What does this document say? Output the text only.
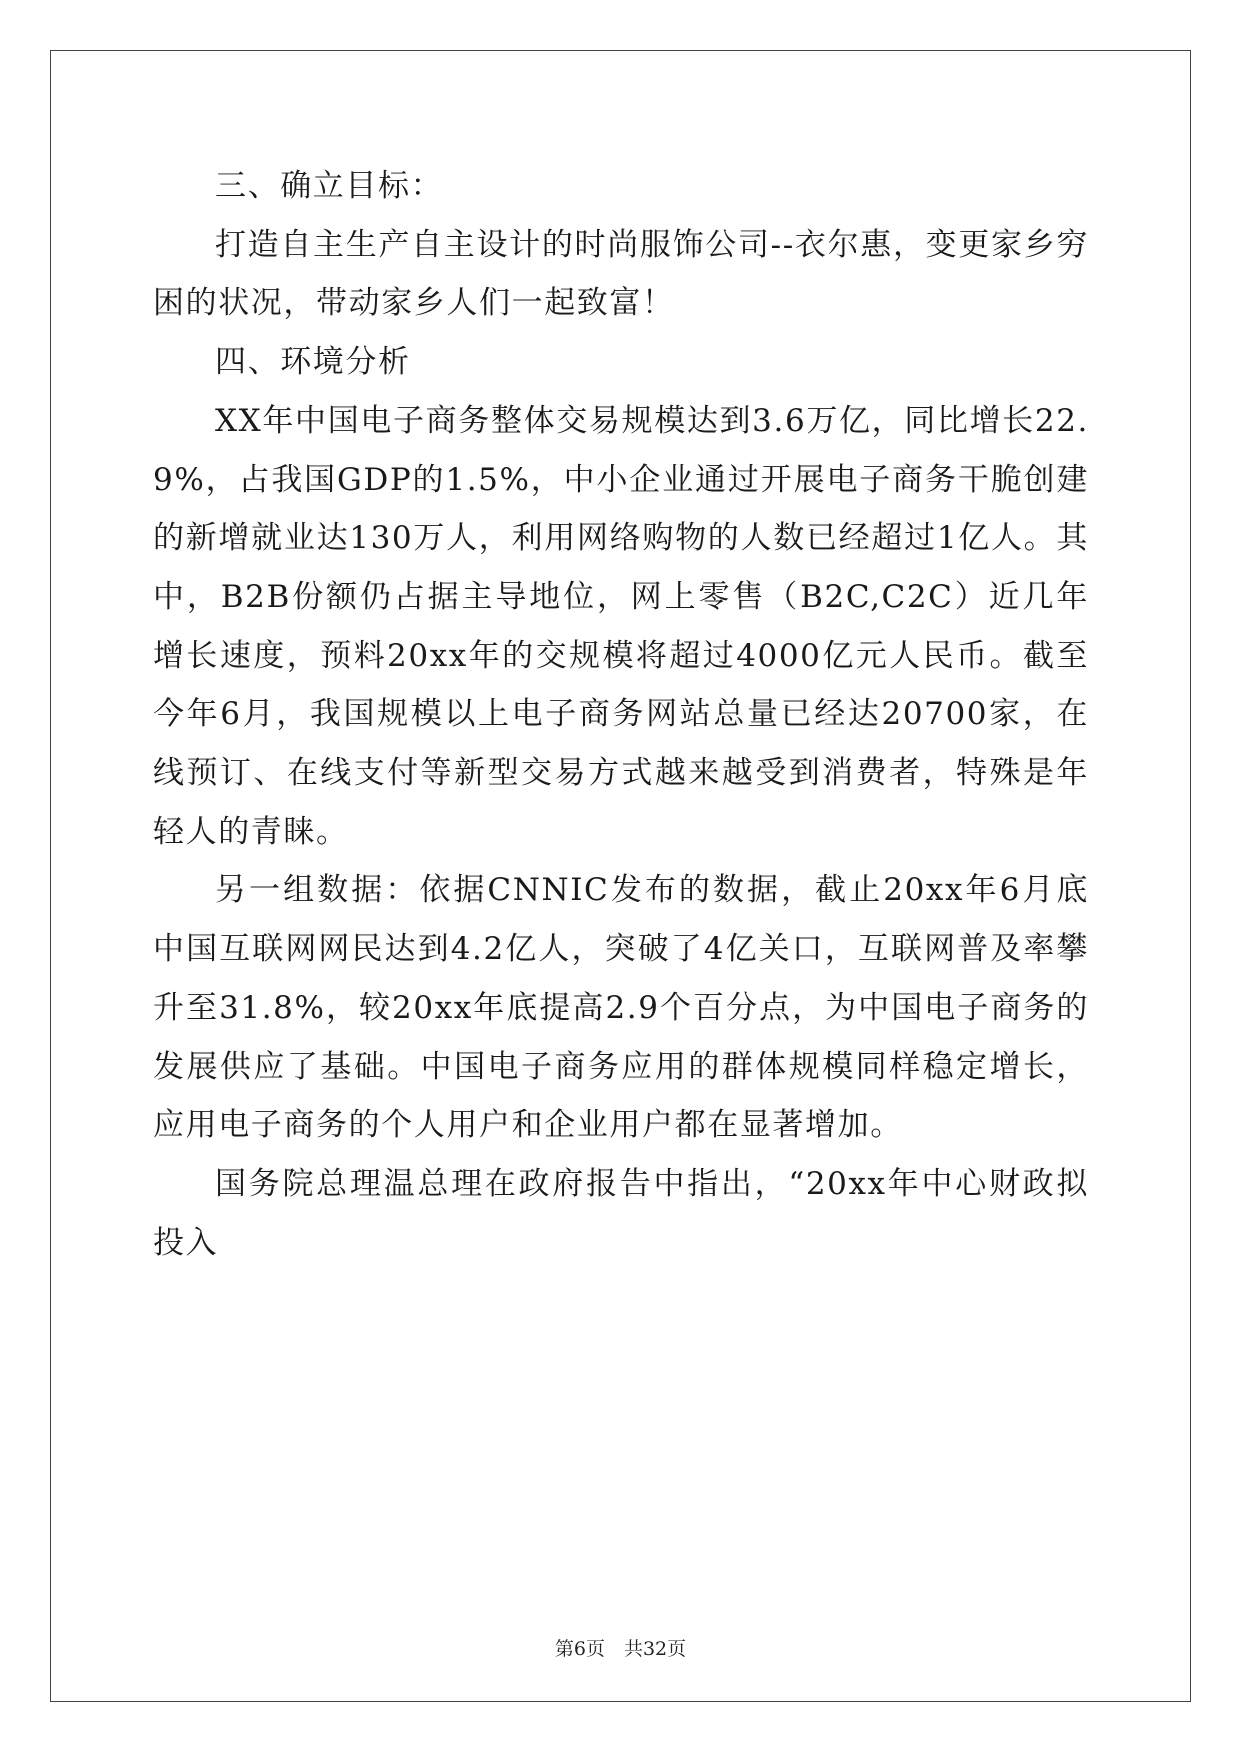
三、确立目标：

打造自主生产自主设计的时尚服饰公司--衣尔惠，变更家乡穷困的状况，带动家乡人们一起致富！

四、环境分析

XX年中国电子商务整体交易规模达到3.6万亿，同比增长22.9%，占我国GDP的1.5%，中小企业通过开展电子商务干脆创建的新增就业达130万人，利用网络购物的人数已经超过1亿人。其中，B2B份额仍占据主导地位，网上零售（B2C,C2C）近几年增长速度，预料20xx年的交规模将超过4000亿元人民币。截至今年6月，我国规模以上电子商务网站总量已经达20700家，在线预订、在线支付等新型交易方式越来越受到消费者，特殊是年轻人的青睐。

另一组数据：依据CNNIC发布的数据，截止20xx年6月底中国互联网网民达到4.2亿人，突破了4亿关口，互联网普及率攀升至31.8%，较20xx年底提高2.9个百分点，为中国电子商务的发展供应了基础。中国电子商务应用的群体规模同样稳定增长，应用电子商务的个人用户和企业用户都在显著增加。

国务院总理温总理在政府报告中指出，“20xx年中心财政拟投入

第6页　共32页
